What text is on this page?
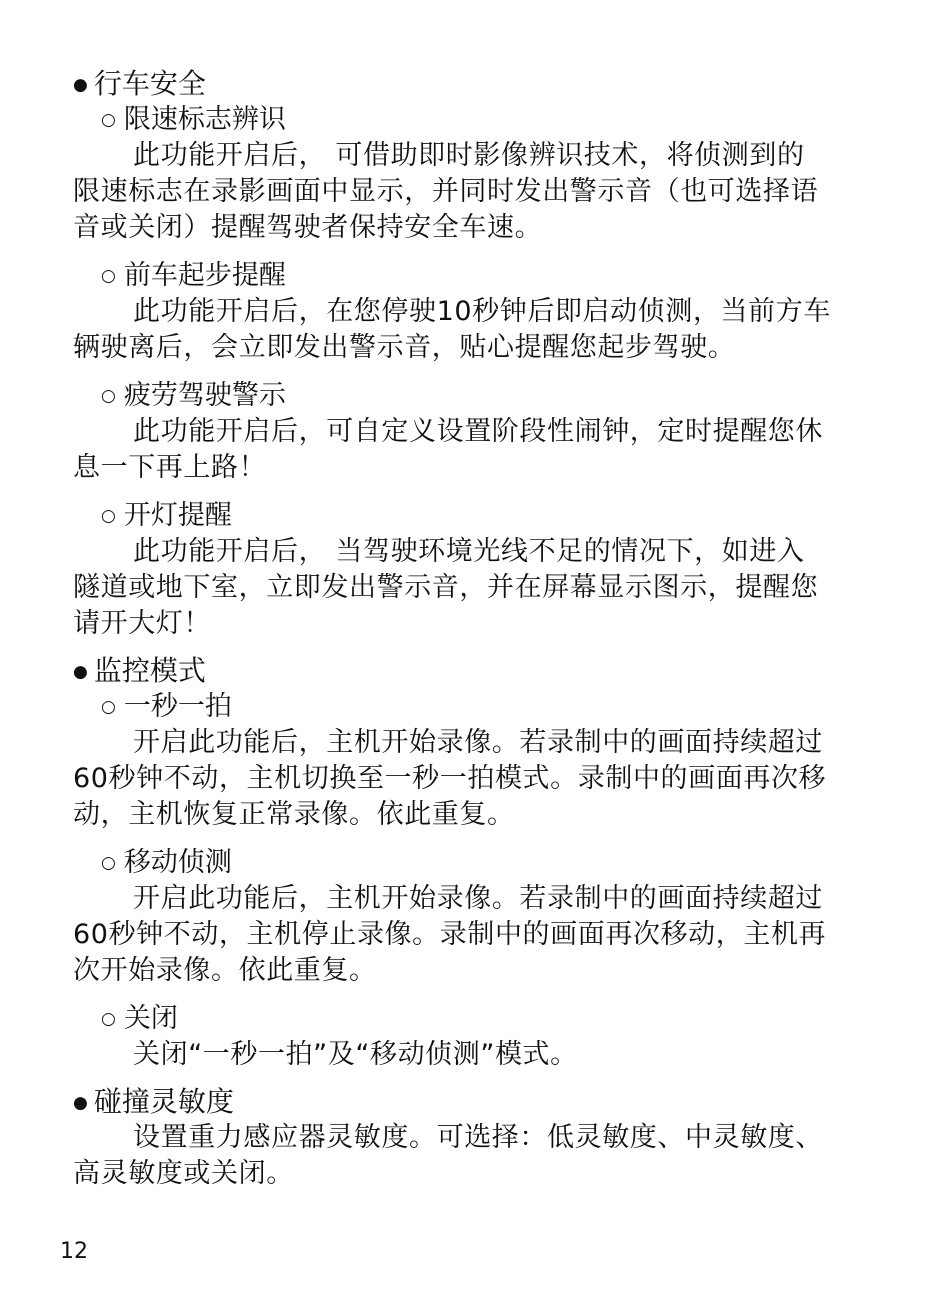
● 行车安全
○ 限速标志辨识
此功能开启后， 可借助即时影像辨识技术，将侦测到的
限速标志在录影画面中显示，并同时发出警示音（也可选择语
音或关闭）提醒驾驶者保持安全车速。
○ 前车起步提醒
此功能开启后，在您停驶10秒钟后即启动侦测，当前方车
辆驶离后，会立即发出警示音，贴心提醒您起步驾驶。
○ 疲劳驾驶警示
此功能开启后，可自定义设置阶段性闹钟，定时提醒您休
息一下再上路！
○ 开灯提醒
此功能开启后， 当驾驶环境光线不足的情况下，如进入
隧道或地下室，立即发出警示音，并在屏幕显示图示，提醒您
请开大灯！
● 监控模式
○ 一秒一拍
开启此功能后，主机开始录像。若录制中的画面持续超过
60秒钟不动，主机切换至一秒一拍模式。录制中的画面再次移
动，主机恢复正常录像。依此重复。
○ 移动侦测
开启此功能后，主机开始录像。若录制中的画面持续超过
60秒钟不动，主机停止录像。录制中的画面再次移动，主机再
次开始录像。依此重复。
○ 关闭
关闭“一秒一拍”及“移动侦测”模式。
● 碰撞灵敏度
设置重力感应器灵敏度。可选择：低灵敏度、中灵敏度、
高灵敏度或关闭。
12
